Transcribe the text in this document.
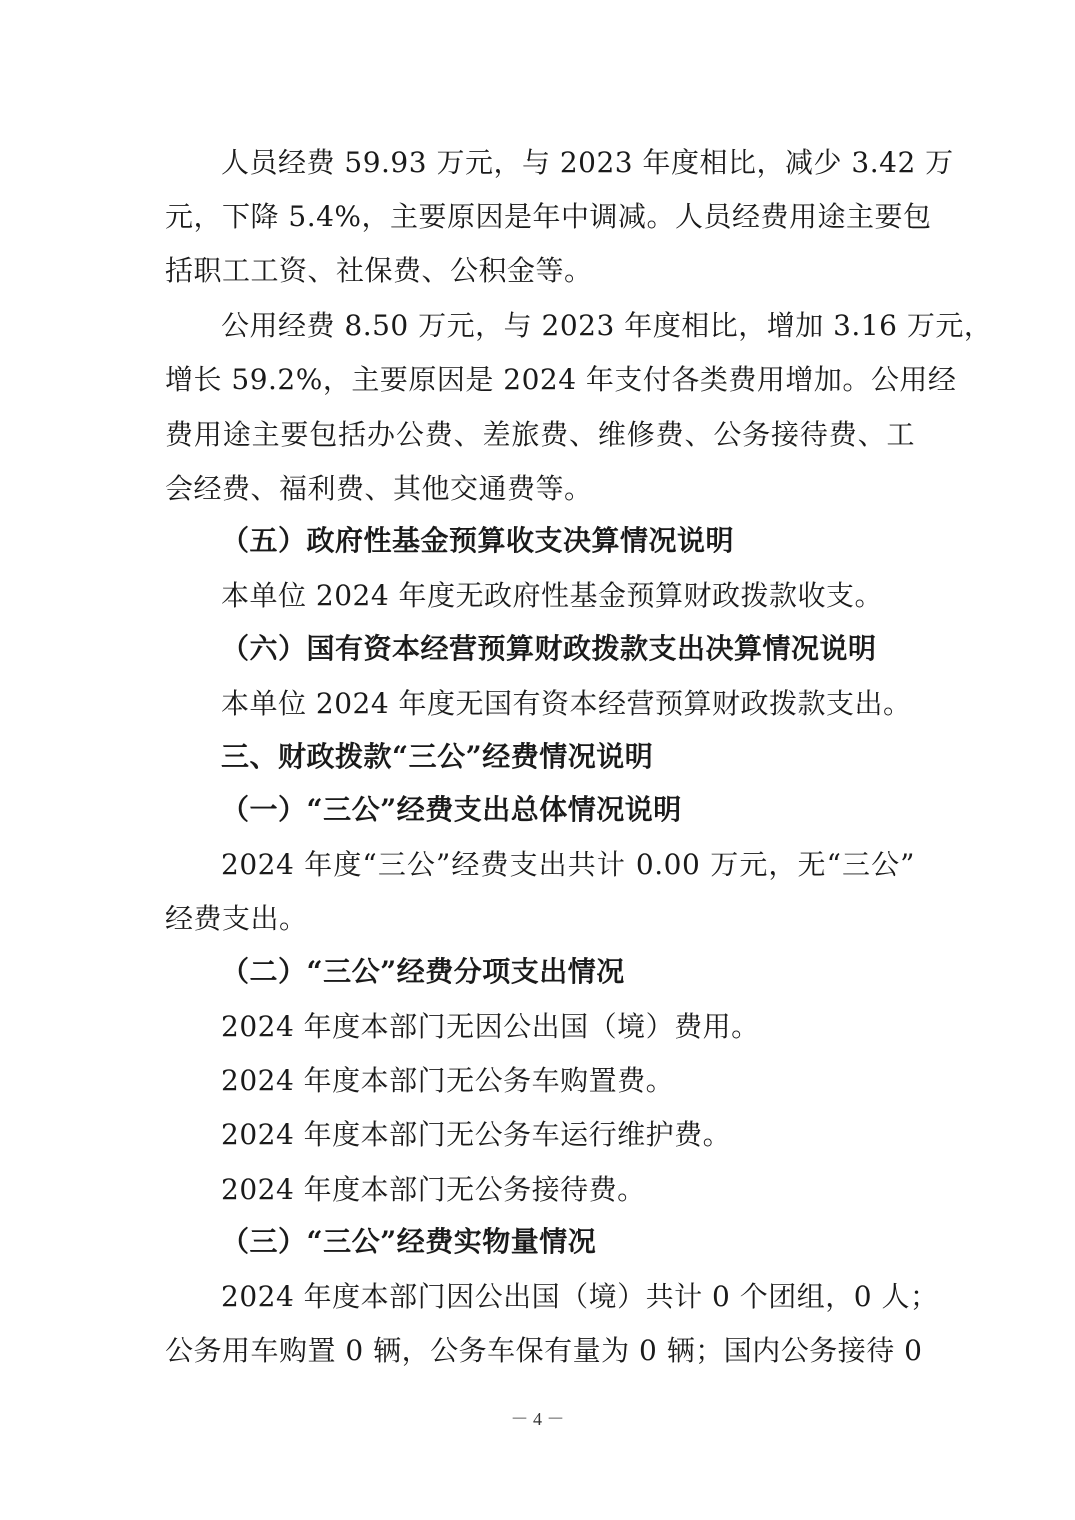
人员经费 59.93 万元，与 2023 年度相比，减少 3.42 万
元，下降 5.4%，主要原因是年中调减。人员经费用途主要包
括职工工资、社保费、公积金等。
公用经费 8.50 万元，与 2023 年度相比，增加 3.16 万元，
增长 59.2%，主要原因是 2024 年支付各类费用增加。公用经
费用途主要包括办公费、差旅费、维修费、公务接待费、工
会经费、福利费、其他交通费等。
（五）政府性基金预算收支决算情况说明
本单位 2024 年度无政府性基金预算财政拨款收支。
（六）国有资本经营预算财政拨款支出决算情况说明
本单位 2024 年度无国有资本经营预算财政拨款支出。
三、财政拨款“三公”经费情况说明
（一）“三公”经费支出总体情况说明
2024 年度“三公”经费支出共计 0.00 万元，无“三公”
经费支出。
（二）“三公”经费分项支出情况
2024 年度本部门无因公出国（境）费用。
2024 年度本部门无公务车购置费。
2024 年度本部门无公务车运行维护费。
2024 年度本部门无公务接待费。
（三）“三公”经费实物量情况
2024 年度本部门因公出国（境）共计 0 个团组，0 人；
公务用车购置 0 辆，公务车保有量为 0 辆；国内公务接待 0
－ 4 －
